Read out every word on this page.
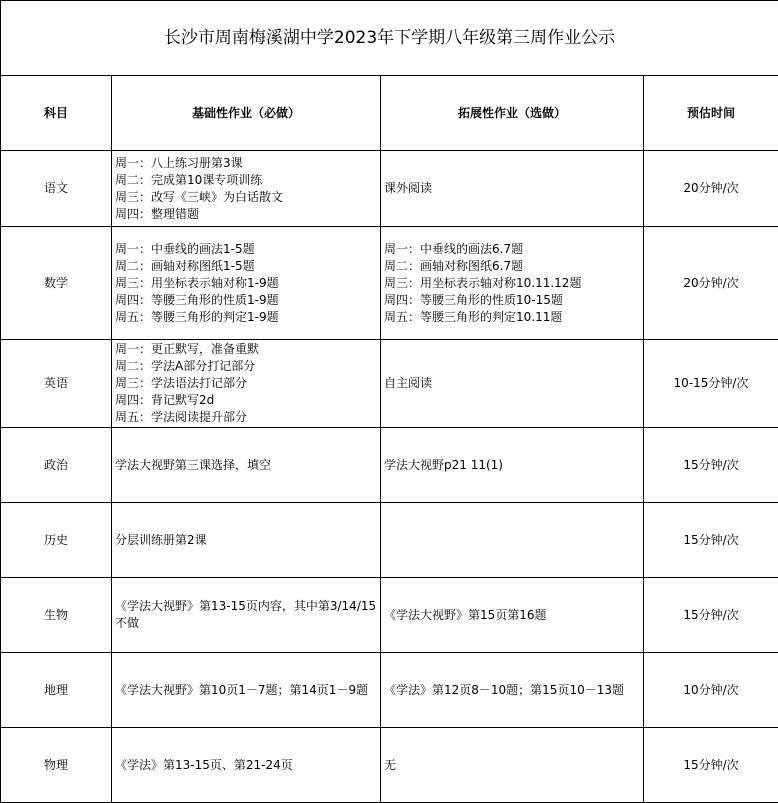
长沙市周南梅溪湖中学2023年下学期八年级第三周作业公示			
科目	基础性作业（必做）	拓展性作业（选做）	预估时间
语文	周一：八上练习册第3课
周二：完成第10课专项训练
周三：改写《三峡》为白话散文
周四：整理错题	课外阅读	20分钟/次
数学	周一：中垂线的画法1-5题
周二：画轴对称图纸1-5题
周三：用坐标表示轴对称1-9题
周四：等腰三角形的性质1-9题
周五：等腰三角形的判定1-9题	周一：中垂线的画法6.7题
周二：画轴对称图纸6.7题
周三：用坐标表示轴对称10.11.12题
周四：等腰三角形的性质10-15题
周五：等腰三角形的判定10.11题	20分钟/次
英语	周一：更正默写，准备重默
周二：学法A部分打记部分
周三：学法语法打记部分
周四：背记默写2d
周五：学法阅读提升部分	自主阅读	10-15分钟/次
政治	学法大视野第三课选择，填空	学法大视野p21 11(1)	15分钟/次
历史	分层训练册第2课		15分钟/次
生物	《学法大视野》第13-15页内容，其中第3/14/15不做	《学法大视野》第15页第16题	15分钟/次
地理	《学法大视野》第10页1－7题；第14页1－9题	《学法》第12页8－10题；第15页10－13题	10分钟/次
物理	《学法》第13-15页、第21-24页	无	15分钟/次
